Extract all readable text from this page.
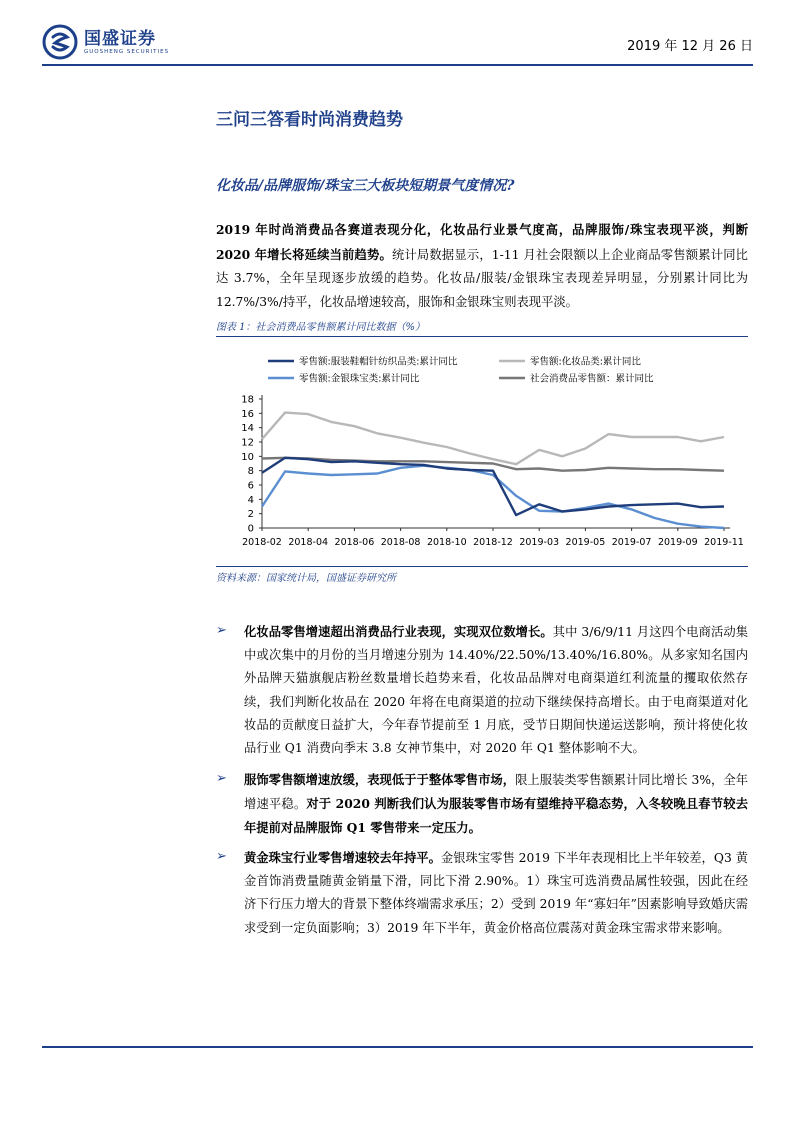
国盛证券
GUOSHENG SECURITIES	2019 年 12 月 26 日
三问三答看时尚消费趋势
化妆品/品牌服饰/珠宝三大板块短期景气度情况?
2019 年时尚消费品各赛道表现分化，化妆品行业景气度高，品牌服饰/珠宝表现平淡，判断 2020 年增长将延续当前趋势。统计局数据显示，1-11 月社会限额以上企业商品零售额累计同比达 3.7%，全年呈现逐步放缓的趋势。化妆品/服装/金银珠宝表现差异明显，分别累计同比为 12.7%/3%/持平，化妆品增速较高，服饰和金银珠宝则表现平淡。
图表 1：社会消费品零售额累计同比数据（%）
零售额:服装鞋帽针纺织品类:累计同比	零售额:化妆品类:累计同比
零售额:金银珠宝类:累计同比	社会消费品零售额：累计同比
0
2
4
6
8
10
12
14
16
18
2018-02 2018-04 2018-06 2018-08 2018-10 2018-12 2019-03 2019-05 2019-07 2019-09 2019-11
资料来源：国家统计局，国盛证券研究所
➢	化妆品零售增速超出消费品行业表现，实现双位数增长。其中 3/6/9/11 月这四个电商活动集中或次集中的月份的当月增速分别为 14.40%/22.50%/13.40%/16.80%。从多家知名国内外品牌天猫旗舰店粉丝数量增长趋势来看，化妆品品牌对电商渠道红利流量的攫取依然存续，我们判断化妆品在 2020 年将在电商渠道的拉动下继续保持高增长。由于电商渠道对化妆品的贡献度日益扩大，今年春节提前至 1 月底，受节日期间快递运送影响，预计将使化妆品行业 Q1 消费向季末 3.8 女神节集中，对 2020 年 Q1 整体影响不大。
➢	服饰零售额增速放缓，表现低于于整体零售市场，限上服装类零售额累计同比增长 3%，全年增速平稳。对于 2020 判断我们认为服装零售市场有望维持平稳态势，入冬较晚且春节较去年提前对品牌服饰 Q1 零售带来一定压力。
➢	黄金珠宝行业零售增速较去年持平。金银珠宝零售 2019 下半年表现相比上半年较差，Q3 黄金首饰消费量随黄金销量下滑，同比下滑 2.90%。1）珠宝可选消费品属性较强，因此在经济下行压力增大的背景下整体终端需求承压；2）受到 2019 年“寡妇年”因素影响导致婚庆需求受到一定负面影响；3）2019 年下半年，黄金价格高位震荡对黄金珠宝需求带来影响。
